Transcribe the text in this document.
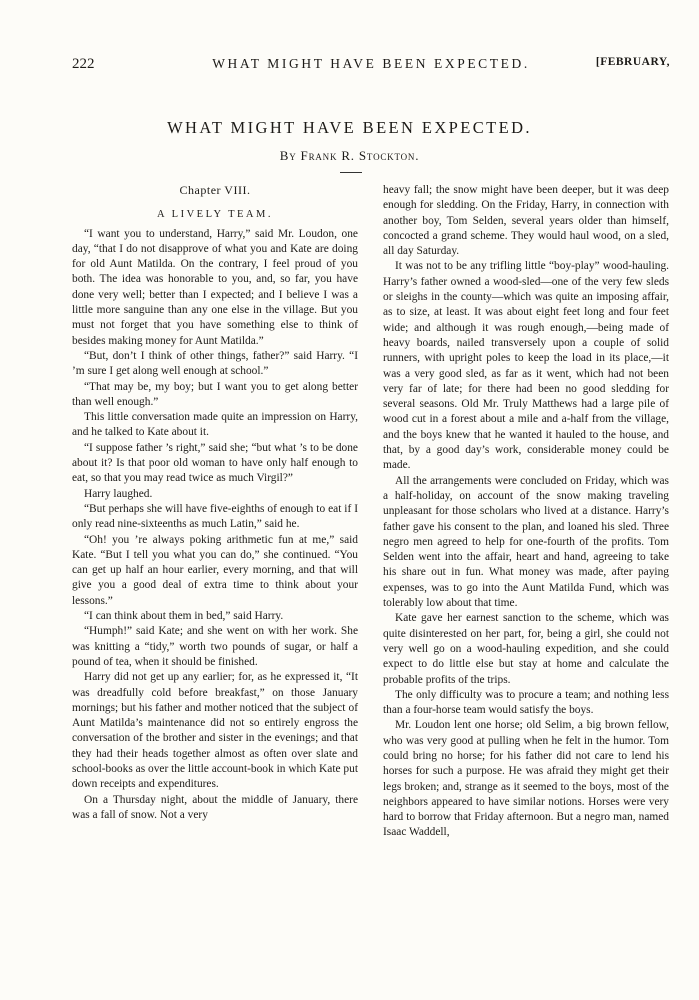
222	WHAT MIGHT HAVE BEEN EXPECTED.	[FEBRUARY,
WHAT MIGHT HAVE BEEN EXPECTED.
By Frank R. Stockton.
Chapter VIII.
A LIVELY TEAM.

“I want you to understand, Harry,” said Mr. Loudon, one day, “that I do not disapprove of what you and Kate are doing for old Aunt Matilda. On the contrary, I feel proud of you both. The idea was honorable to you, and, so far, you have done very well; better than I expected; and I believe I was a little more sanguine than any one else in the village. But you must not forget that you have something else to think of besides making money for Aunt Matilda.”

“But, don’t I think of other things, father?” said Harry. “I ’m sure I get along well enough at school.”

“That may be, my boy; but I want you to get along better than well enough.”

This little conversation made quite an impression on Harry, and he talked to Kate about it.

“I suppose father ’s right,” said she; “but what ’s to be done about it? Is that poor old woman to have only half enough to eat, so that you may read twice as much Virgil?”

Harry laughed.

“But perhaps she will have five-eighths of enough to eat if I only read nine-sixteenths as much Latin,” said he.

“Oh! you ’re always poking arithmetic fun at me,” said Kate. “But I tell you what you can do,” she continued. “You can get up half an hour earlier, every morning, and that will give you a good deal of extra time to think about your lessons.”

“I can think about them in bed,” said Harry.

“Humph!” said Kate; and she went on with her work. She was knitting a “tidy,” worth two pounds of sugar, or half a pound of tea, when it should be finished.

Harry did not get up any earlier; for, as he expressed it, “It was dreadfully cold before breakfast,” on those January mornings; but his father and mother noticed that the subject of Aunt Matilda’s maintenance did not so entirely engross the conversation of the brother and sister in the evenings; and that they had their heads together almost as often over slate and school-books as over the little account-book in which Kate put down receipts and expenditures.

On a Thursday night, about the middle of January, there was a fall of snow. Not a very

heavy fall; the snow might have been deeper, but it was deep enough for sledding. On the Friday, Harry, in connection with another boy, Tom Selden, several years older than himself, concocted a grand scheme. They would haul wood, on a sled, all day Saturday.

It was not to be any trifling little “boy-play” wood-hauling. Harry’s father owned a wood-sled—one of the very few sleds or sleighs in the county—which was quite an imposing affair, as to size, at least. It was about eight feet long and four feet wide; and although it was rough enough,—being made of heavy boards, nailed transversely upon a couple of solid runners, with upright poles to keep the load in its place,—it was a very good sled, as far as it went, which had not been very far of late; for there had been no good sledding for several seasons. Old Mr. Truly Matthews had a large pile of wood cut in a forest about a mile and a-half from the village, and the boys knew that he wanted it hauled to the house, and that, by a good day’s work, considerable money could be made.

All the arrangements were concluded on Friday, which was a half-holiday, on account of the snow making traveling unpleasant for those scholars who lived at a distance. Harry’s father gave his consent to the plan, and loaned his sled. Three negro men agreed to help for one-fourth of the profits. Tom Selden went into the affair, heart and hand, agreeing to take his share out in fun. What money was made, after paying expenses, was to go into the Aunt Matilda Fund, which was tolerably low about that time.

Kate gave her earnest sanction to the scheme, which was quite disinterested on her part, for, being a girl, she could not very well go on a wood-hauling expedition, and she could expect to do little else but stay at home and calculate the probable profits of the trips.

The only difficulty was to procure a team; and nothing less than a four-horse team would satisfy the boys.

Mr. Loudon lent one horse; old Selim, a big brown fellow, who was very good at pulling when he felt in the humor. Tom could bring no horse; for his father did not care to lend his horses for such a purpose. He was afraid they might get their legs broken; and, strange as it seemed to the boys, most of the neighbors appeared to have similar notions. Horses were very hard to borrow that Friday afternoon. But a negro man, named Isaac Waddell,
